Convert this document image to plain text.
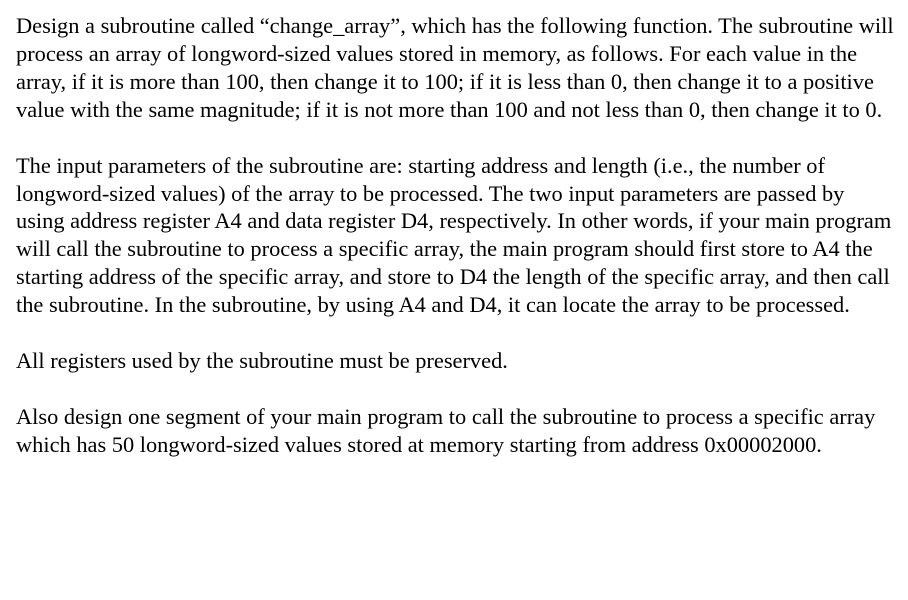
Design a subroutine called “change_array”, which has the following function. The subroutine will process an array of longword-sized values stored in memory, as follows. For each value in the array, if it is more than 100, then change it to 100; if it is less than 0, then change it to a positive value with the same magnitude; if it is not more than 100 and not less than 0, then change it to 0.

The input parameters of the subroutine are: starting address and length (i.e., the number of longword-sized values) of the array to be processed. The two input parameters are passed by using address register A4 and data register D4, respectively. In other words, if your main program will call the subroutine to process a specific array, the main program should first store to A4 the starting address of the specific array, and store to D4 the length of the specific array, and then call the subroutine. In the subroutine, by using A4 and D4, it can locate the array to be processed.

All registers used by the subroutine must be preserved.

Also design one segment of your main program to call the subroutine to process a specific array which has 50 longword-sized values stored at memory starting from address 0x00002000.
